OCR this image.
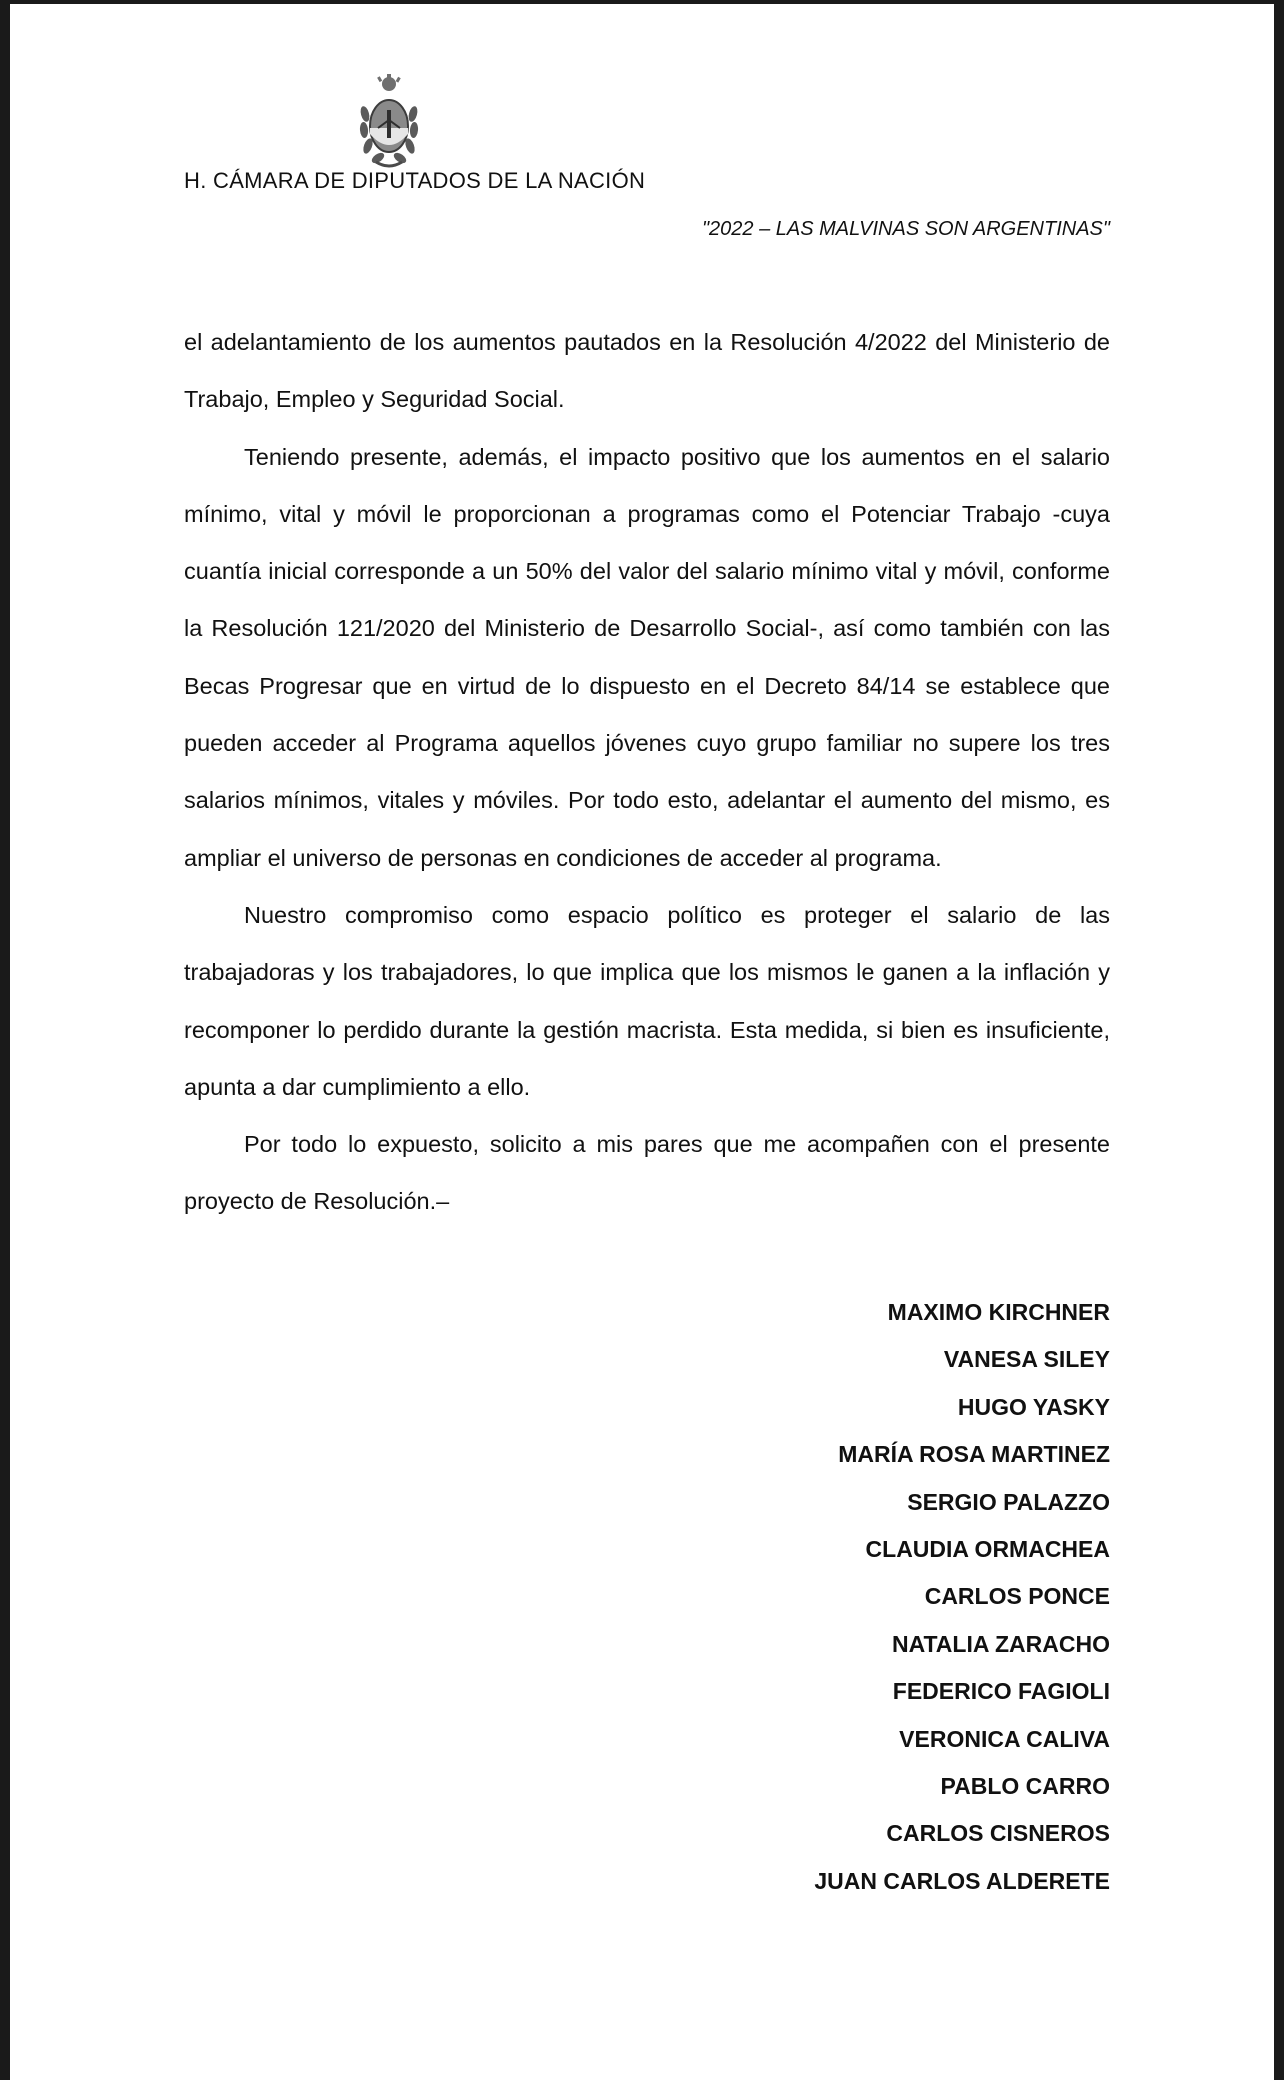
H. CÁMARA DE DIPUTADOS DE LA NACIÓN
"2022 – LAS MALVINAS SON ARGENTINAS"

el adelantamiento de los aumentos pautados en la Resolución 4/2022 del Ministerio de Trabajo, Empleo y Seguridad Social.

Teniendo presente, además, el impacto positivo que los aumentos en el salario mínimo, vital y móvil le proporcionan a programas como el Potenciar Trabajo -cuya cuantía inicial corresponde a un 50% del valor del salario mínimo vital y móvil, conforme la Resolución 121/2020 del Ministerio de Desarrollo Social-, así como también con las Becas Progresar que en virtud de lo dispuesto en el Decreto 84/14 se establece que pueden acceder al Programa aquellos jóvenes cuyo grupo familiar no supere los tres salarios mínimos, vitales y móviles. Por todo esto, adelantar el aumento del mismo, es ampliar el universo de personas en condiciones de acceder al programa.

Nuestro compromiso como espacio político es proteger el salario de las trabajadoras y los trabajadores, lo que implica que los mismos le ganen a la inflación y recomponer lo perdido durante la gestión macrista. Esta medida, si bien es insuficiente, apunta a dar cumplimiento a ello.

Por todo lo expuesto, solicito a mis pares que me acompañen con el presente proyecto de Resolución.–

MAXIMO KIRCHNER
VANESA SILEY
HUGO YASKY
MARÍA ROSA MARTINEZ
SERGIO PALAZZO
CLAUDIA ORMACHEA
CARLOS PONCE
NATALIA ZARACHO
FEDERICO FAGIOLI
VERONICA CALIVA
PABLO CARRO
CARLOS CISNEROS
JUAN CARLOS ALDERETE
